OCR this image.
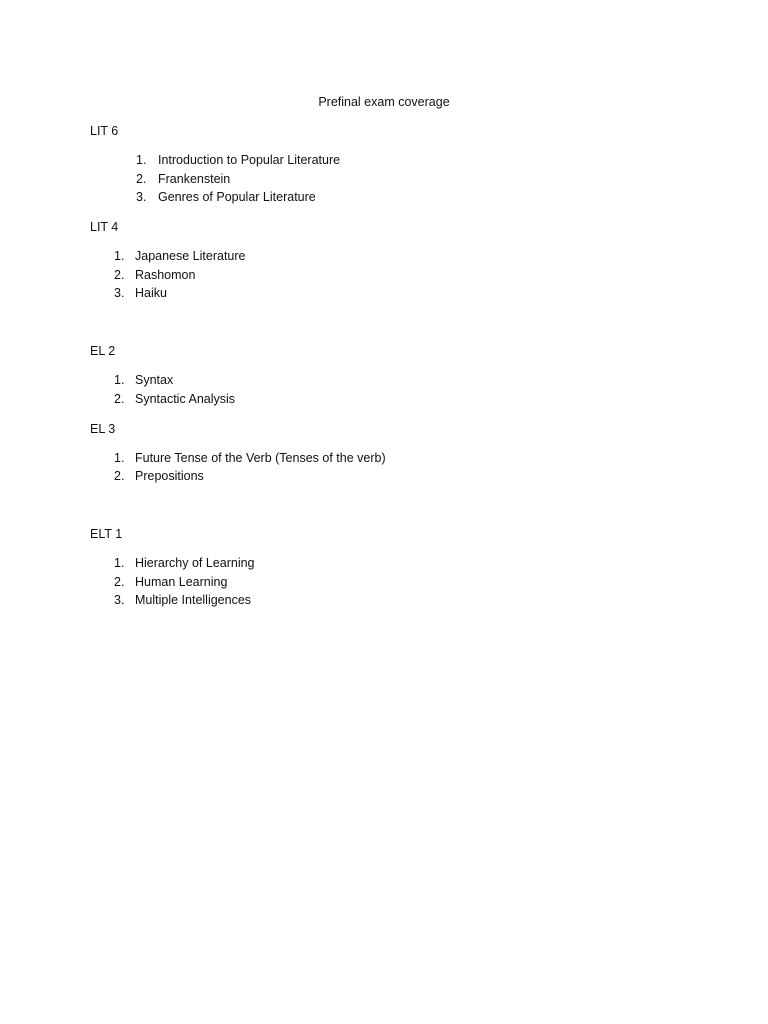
Prefinal exam coverage
LIT 6
1. Introduction to Popular Literature
2. Frankenstein
3. Genres of Popular Literature
LIT 4
1. Japanese Literature
2. Rashomon
3. Haiku
EL 2
1. Syntax
2. Syntactic Analysis
EL 3
1. Future Tense of the Verb (Tenses of the verb)
2. Prepositions
ELT 1
1. Hierarchy of Learning
2. Human Learning
3. Multiple Intelligences
